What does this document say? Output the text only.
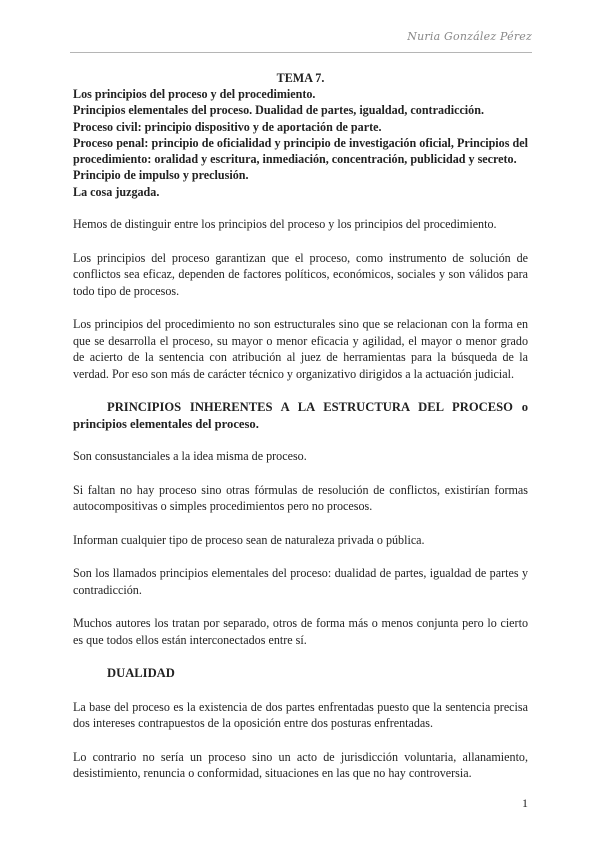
Nuria González Pérez

TEMA 7.

Los principios del proceso y del procedimiento.

Principios elementales del proceso. Dualidad de partes, igualdad, contradicción.

Proceso civil: principio dispositivo y de aportación de parte.

Proceso penal: principio de oficialidad y principio de investigación oficial, Principios del procedimiento: oralidad y escritura, inmediación, concentración, publicidad y secreto.

Principio de impulso y preclusión.

La cosa juzgada.

Hemos de distinguir entre los principios del proceso y los principios del procedimiento.

Los principios del proceso garantizan que el proceso, como instrumento de solución de conflictos sea eficaz, dependen de factores políticos, económicos, sociales y son válidos para todo tipo de procesos.

Los principios del procedimiento no son estructurales sino que se relacionan con la forma en que se desarrolla el proceso, su mayor o menor eficacia y agilidad, el mayor o menor grado de acierto de la sentencia con atribución al juez de herramientas para la búsqueda de la verdad. Por eso son más de carácter técnico y organizativo dirigidos a la actuación judicial.

PRINCIPIOS INHERENTES A LA ESTRUCTURA DEL PROCESO o
principios elementales del proceso.

Son consustanciales a la idea misma de proceso.

Si faltan no hay proceso sino otras fórmulas de resolución de conflictos, existirían formas autocompositivas o simples procedimientos pero no procesos.

Informan cualquier tipo de proceso sean de naturaleza privada o pública.

Son los llamados principios elementales del proceso: dualidad de partes, igualdad de partes y contradicción.

Muchos autores los tratan por separado, otros de forma más o menos conjunta pero lo cierto es que todos ellos están interconectados entre sí.

DUALIDAD

La base del proceso es la existencia de dos partes enfrentadas puesto que la sentencia precisa dos intereses contrapuestos de la oposición entre dos posturas enfrentadas.

Lo contrario no sería un proceso sino un acto de jurisdicción voluntaria, allanamiento, desistimiento, renuncia o conformidad, situaciones en las que no hay controversia.

1
